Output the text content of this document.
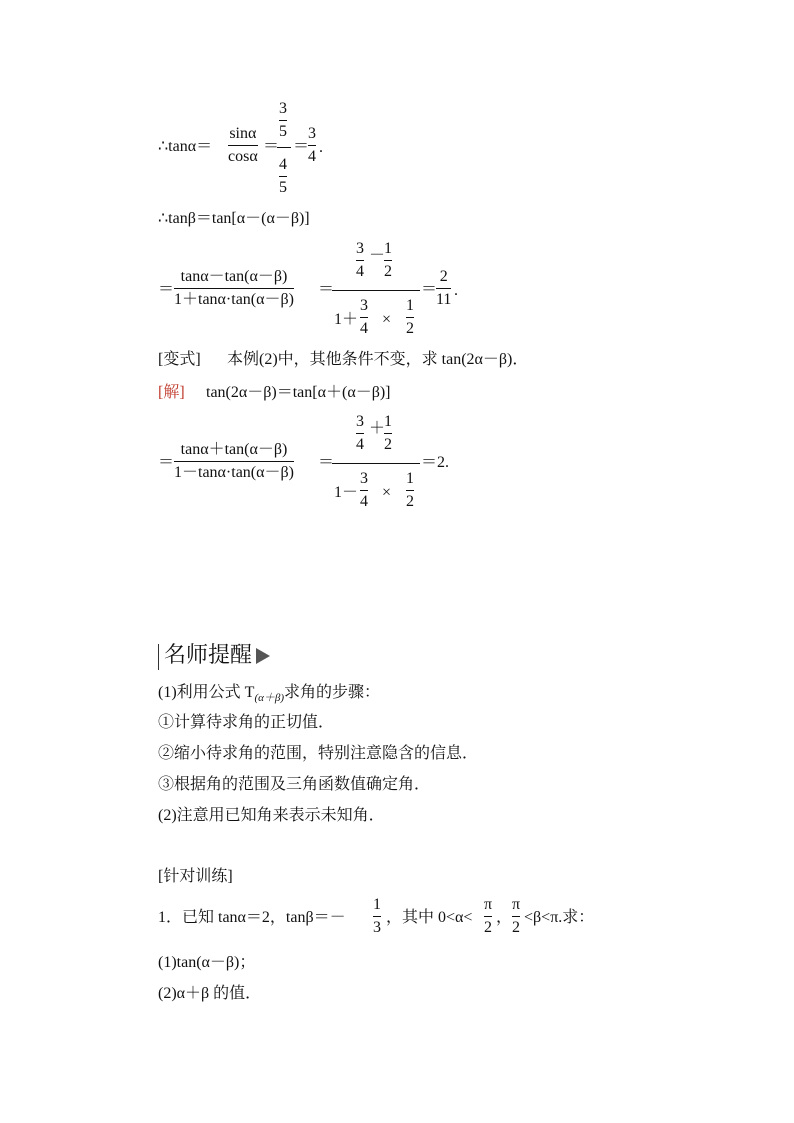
∴tanα＝
sinα
cosα
＝
3
5
4
5
＝
3
4
.
∴tanβ＝tan[α－(α－β)]
＝
tanα－tan(α－β)
1＋tanα·tan(α－β)
＝
3
4
－
1
2
1＋
3
4
×
1
2
＝
2
11
.
[变式] 本例(2)中，其他条件不变，求 tan(2α－β)．
[解] tan(2α－β)＝tan[α＋(α－β)]
＝
tanα＋tan(α－β)
1－tanα·tan(α－β)
＝
3
4
＋
1
2
1－
3
4
×
1
2
＝2.
名师提醒
(1)利用公式 $T_{(\alpha+\beta)}$求角的步骤：
①计算待求角的正切值．
②缩小待求角的范围，特别注意隐含的信息．
③根据角的范围及三角函数值确定角．
(2)注意用已知角来表示未知角．
[针对训练]
1．已知 tanα＝2，tanβ＝－
1
3
，其中 0<α<
π
2
，
π
2
<β<π.求：
(1)tan(α－β)；
(2)α＋β 的值．
